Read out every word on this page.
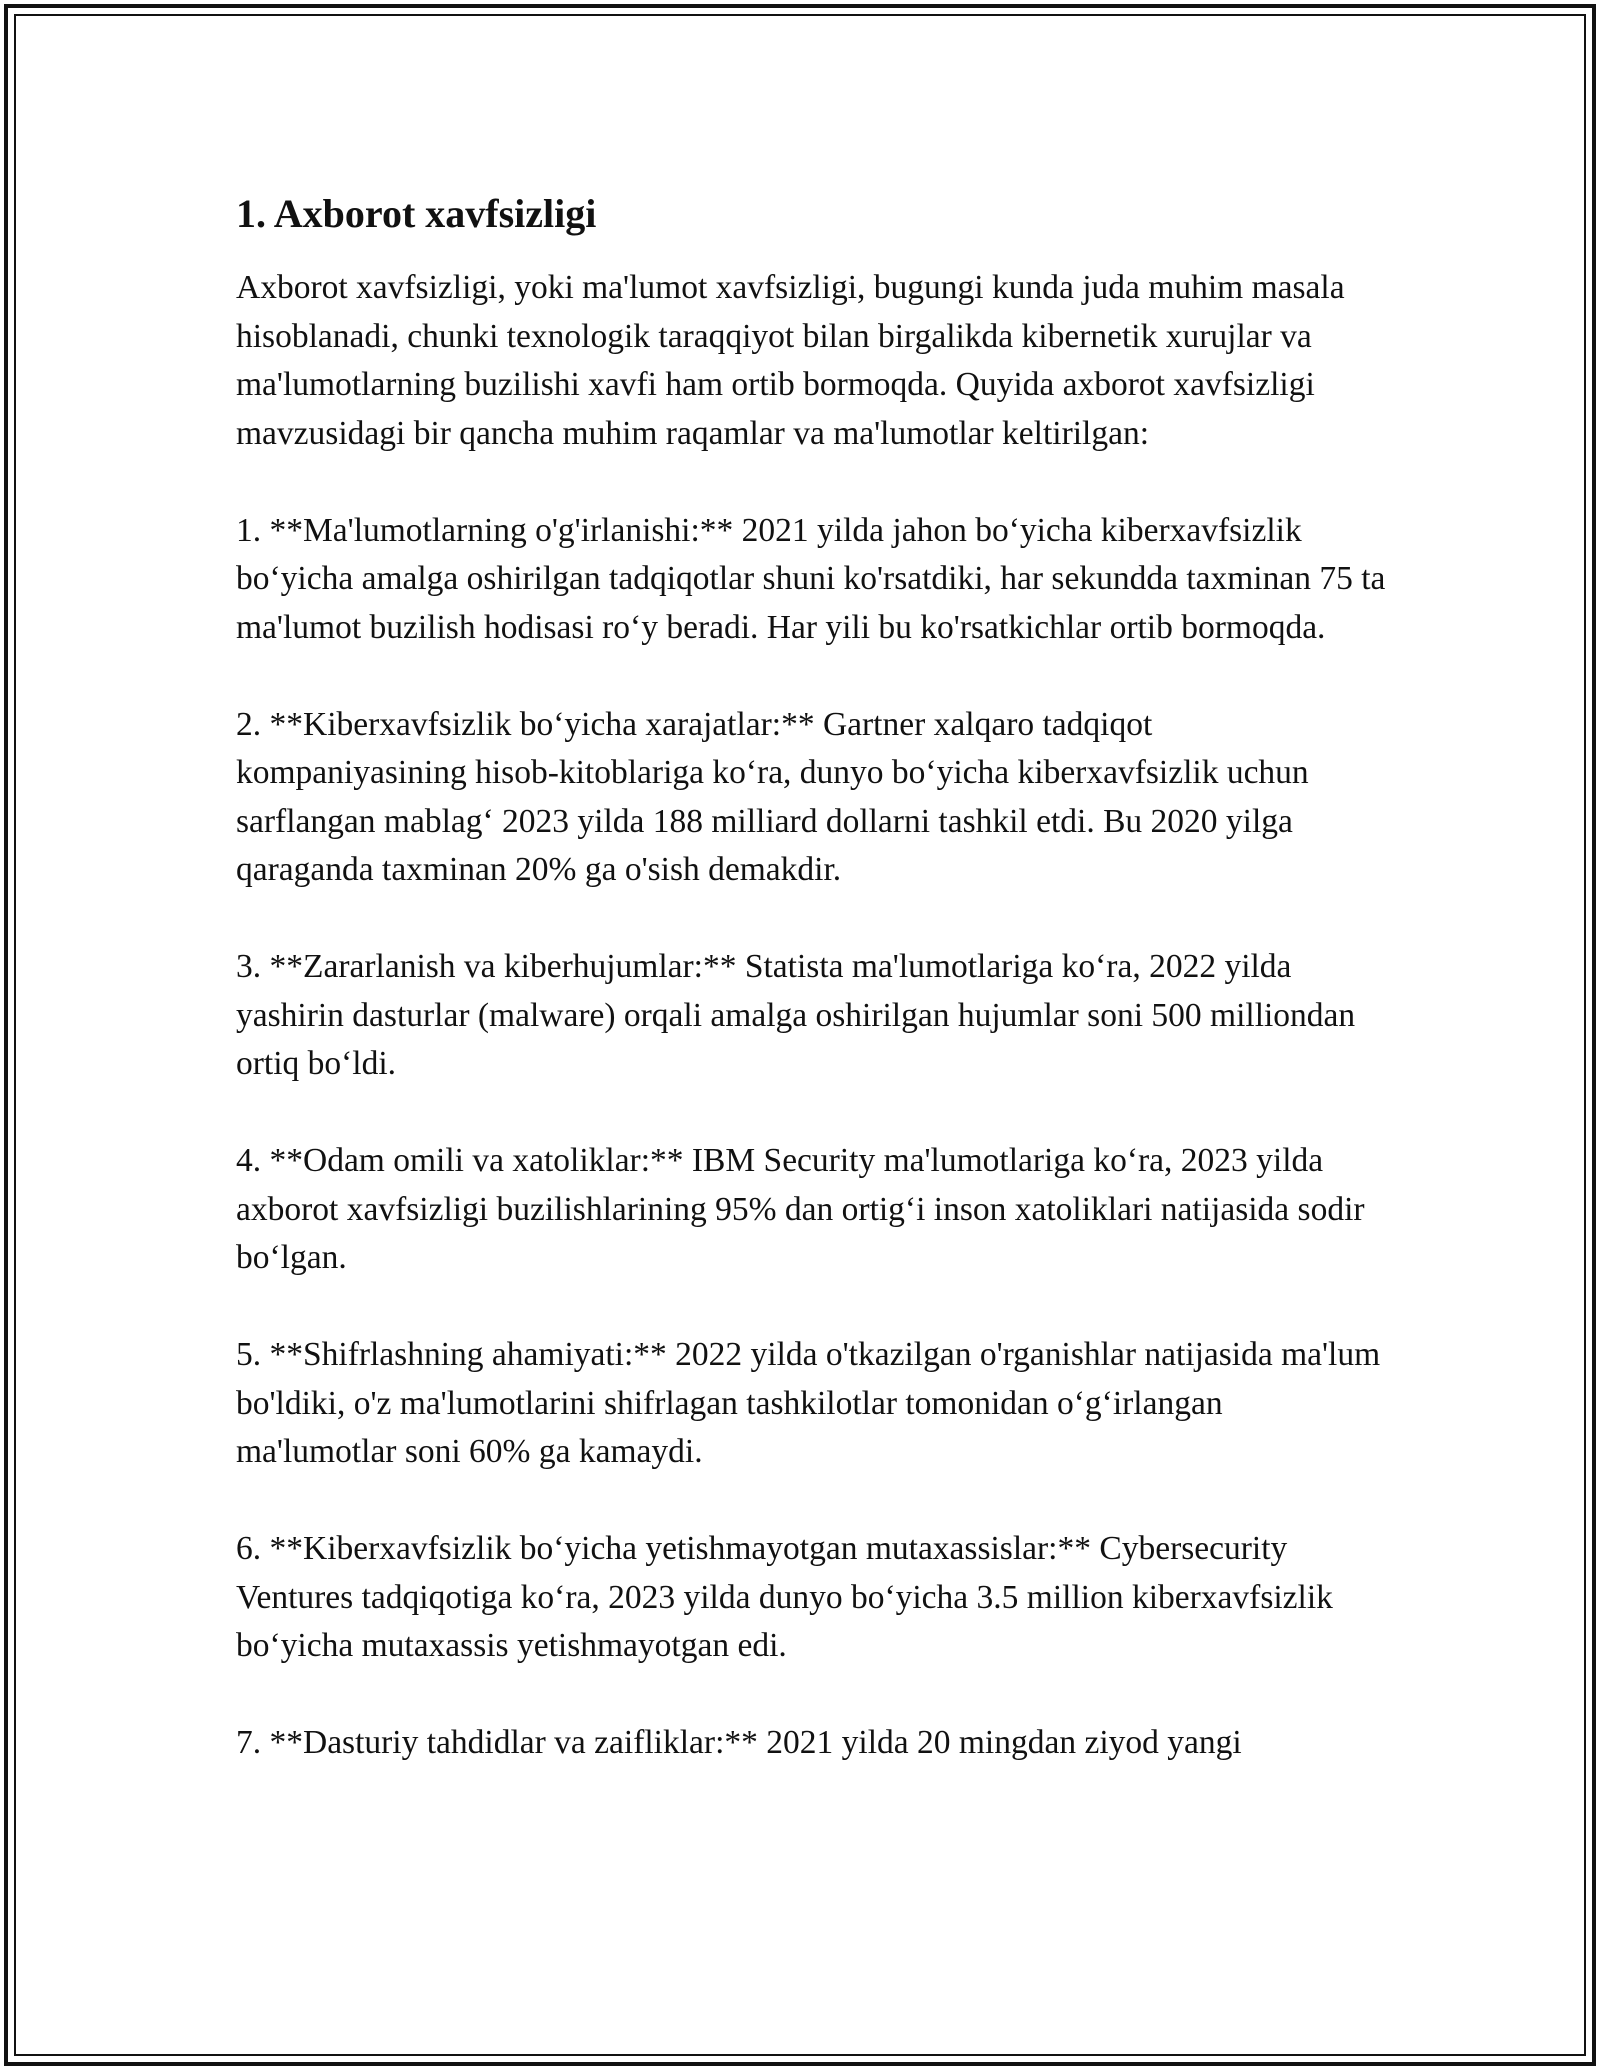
1. Axborot xavfsizligi

Axborot xavfsizligi, yoki ma'lumot xavfsizligi, bugungi kunda juda muhim masala hisoblanadi, chunki texnologik taraqqiyot bilan birgalikda kibernetik xurujlar va ma'lumotlarning buzilishi xavfi ham ortib bormoqda. Quyida axborot xavfsizligi mavzusidagi bir qancha muhim raqamlar va ma'lumotlar keltirilgan:

1. **Ma'lumotlarning o'g'irlanishi:** 2021 yilda jahon bo‘yicha kiberxavfsizlik bo‘yicha amalga oshirilgan tadqiqotlar shuni ko'rsatdiki, har sekundda taxminan 75 ta ma'lumot buzilish hodisasi ro‘y beradi. Har yili bu ko'rsatkichlar ortib bormoqda.

2. **Kiberxavfsizlik bo‘yicha xarajatlar:** Gartner xalqaro tadqiqot kompaniyasining hisob-kitoblariga ko‘ra, dunyo bo‘yicha kiberxavfsizlik uchun sarflangan mablag‘ 2023 yilda 188 milliard dollarni tashkil etdi. Bu 2020 yilga qaraganda taxminan 20% ga o'sish demakdir.

3. **Zararlanish va kiberhujumlar:** Statista ma'lumotlariga ko‘ra, 2022 yilda yashirin dasturlar (malware) orqali amalga oshirilgan hujumlar soni 500 milliondan ortiq bo‘ldi.

4. **Odam omili va xatoliklar:** IBM Security ma'lumotlariga ko‘ra, 2023 yilda axborot xavfsizligi buzilishlarining 95% dan ortig‘i inson xatoliklari natijasida sodir bo‘lgan.

5. **Shifrlashning ahamiyati:** 2022 yilda o'tkazilgan o'rganishlar natijasida ma'lum bo'ldiki, o'z ma'lumotlarini shifrlagan tashkilotlar tomonidan o‘g‘irlangan ma'lumotlar soni 60% ga kamaydi.

6. **Kiberxavfsizlik bo‘yicha yetishmayotgan mutaxassislar:** Cybersecurity Ventures tadqiqotiga ko‘ra, 2023 yilda dunyo bo‘yicha 3.5 million kiberxavfsizlik bo‘yicha mutaxassis yetishmayotgan edi.

7. **Dasturiy tahdidlar va zaifliklar:** 2021 yilda 20 mingdan ziyod yangi
